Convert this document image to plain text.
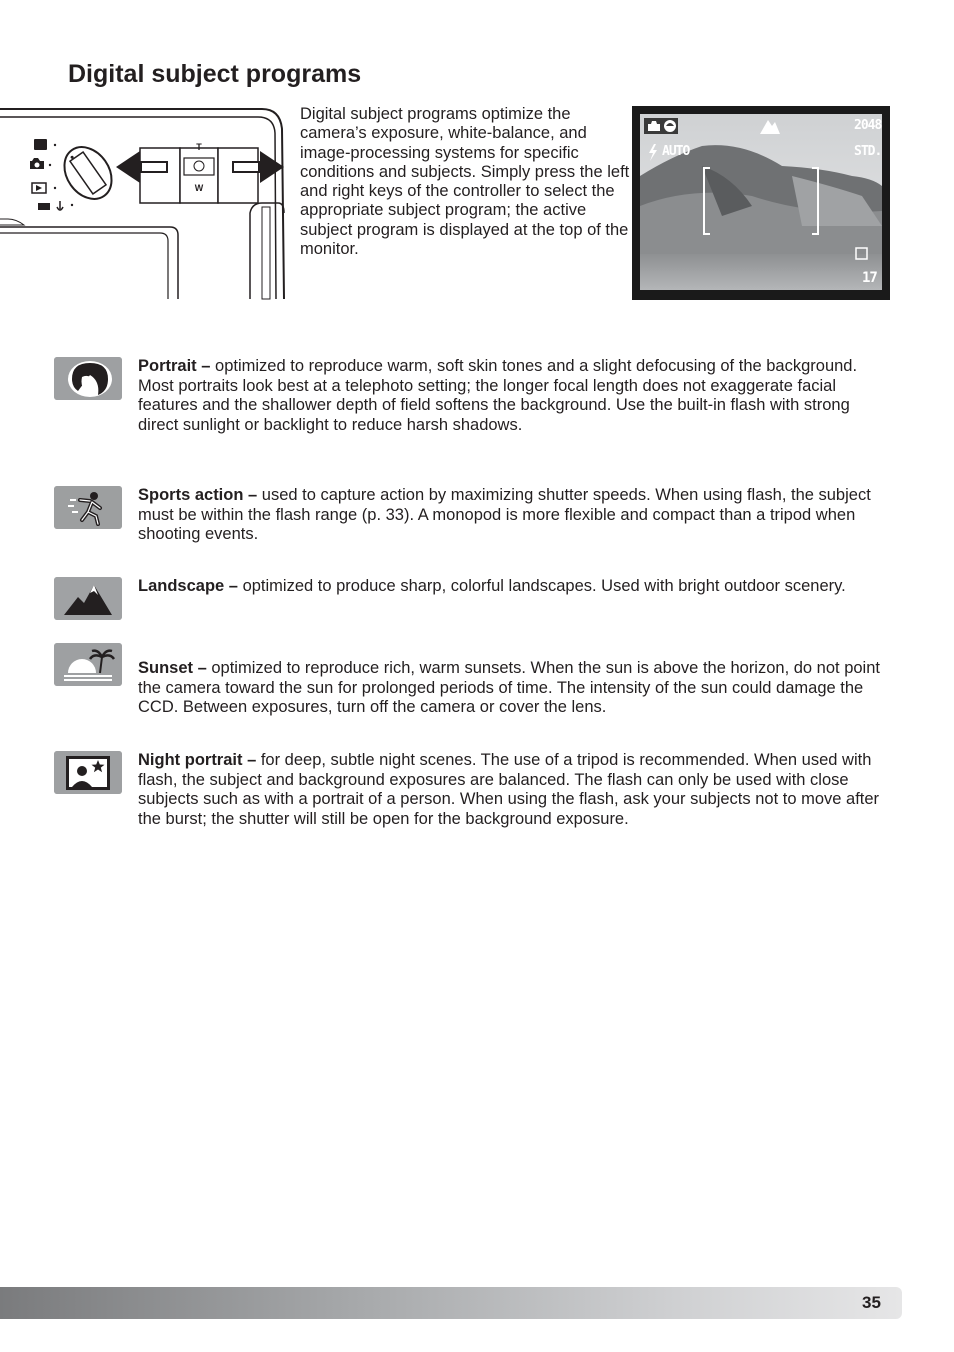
Digital subject programs
T
W

Digital subject programs optimize the camera’s exposure, white-balance, and image-processing systems for specific conditions and subjects. Simply press the left and right keys of the controller to select the appropriate subject program; the active subject program is displayed at the top of the monitor.

2048
STD.
AUTO
17

Portrait – optimized to reproduce warm, soft skin tones and a slight defocusing of the background. Most portraits look best at a telephoto setting; the longer focal length does not exaggerate facial features and the shallower depth of field softens the background. Use the built-in flash with strong direct sunlight or backlight to reduce harsh shadows.

Sports action – used to capture action by maximizing shutter speeds. When using flash, the subject must be within the flash range (p. 33). A monopod is more flexible and compact than a tripod when shooting events.

Landscape – optimized to produce sharp, colorful landscapes. Used with bright outdoor scenery.

Sunset – optimized to reproduce rich, warm sunsets. When the sun is above the horizon, do not point the camera toward the sun for prolonged periods of time. The intensity of the sun could damage the CCD. Between exposures, turn off the camera or cover the lens.

Night portrait – for deep, subtle night scenes. The use of a tripod is recommended. When used with flash, the subject and background exposures are balanced. The flash can only be used with close subjects such as with a portrait of a person. When using the flash, ask your subjects not to move after the burst; the shutter will still be open for the background exposure.

35
